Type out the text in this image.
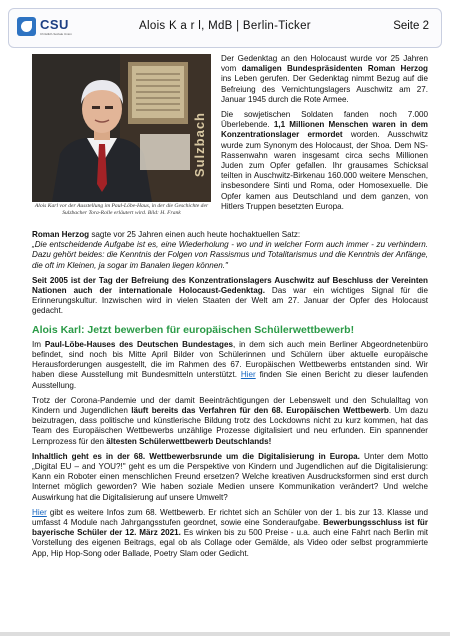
CSU
Christlich-Soziale Union
Alois K a r l, MdB | Berlin-Ticker	Seite 2
Sulzbach
Alois Karl vor der Ausstellung im Paul-Löbe-Haus, in der die Geschichte der Sulzbacher Tora-Rolle erläutert wird. Bild: H. Frank

Der Gedenktag an den Holocaust wurde vor 25 Jahren vom damaligen Bundespräsidenten Roman Herzog ins Leben gerufen. Der Gedenktag nimmt Bezug auf die Befreiung des Vernichtungslagers Auschwitz am 27. Januar 1945 durch die Rote Armee.

Die sowjetischen Soldaten fanden noch 7.000 Überlebende. 1,1 Millionen Menschen waren in dem Konzentrationslager ermordet worden. Ausschwitz wurde zum Synonym des Holocaust, der Shoa. Dem NS-Rassenwahn waren insgesamt circa sechs Millionen Juden zum Opfer gefallen. Ihr grausames Schicksal teilten in Auschwitz-Birkenau 160.000 weitere Menschen, insbesondere Sinti und Roma, oder Homosexuelle. Die Opfer kamen aus Deutschland und dem ganzen, von Hitlers Truppen besetzten Europa.

Roman Herzog sagte vor 25 Jahren einen auch heute hochaktuellen Satz:
„Die entscheidende Aufgabe ist es, eine Wiederholung - wo und in welcher Form auch immer - zu verhindern. Dazu gehört beides: die Kenntnis der Folgen von Rassismus und Totalitarismus und die Kenntnis der Anfänge, die oft im Kleinen, ja sogar im Banalen liegen können."

Seit 2005 ist der Tag der Befreiung des Konzentrationslagers Auschwitz auf Beschluss der Vereinten Nationen auch der internationale Holocaust-Gedenktag. Das war ein wichtiges Signal für die Erinnerungskultur. Inzwischen wird in vielen Staaten der Welt am 27. Januar der Opfer des Holocaust gedacht.

Alois Karl: Jetzt bewerben für europäischen Schülerwettbewerb!

Im Paul-Löbe-Hauses des Deutschen Bundestages, in dem sich auch mein Berliner Abgeordnetenbüro befindet, sind noch bis Mitte April Bilder von Schülerinnen und Schülern über aktuelle europäische Herausforderungen ausgestellt, die im Rahmen des 67. Europäischen Wettbewerbs entstanden sind. Wir haben diese Ausstellung mit Bundesmitteln unterstützt. Hier finden Sie einen Bericht zu dieser laufenden Ausstellung.

Trotz der Corona-Pandemie und der damit Beeinträchtigungen der Lebenswelt und den Schulalltag von Kindern und Jugendlichen läuft bereits das Verfahren für den 68. Europäischen Wettbewerb. Um dazu beizutragen, dass politische und künstlerische Bildung trotz des Lockdowns nicht zu kurz kommen, hat das Team des Europäischen Wettbewerbs unzählige Prozesse digitalisiert und neu erfunden. Ein spannender Lernprozess für den ältesten Schülerwettbewerb Deutschlands!

Inhaltlich geht es in der 68. Wettbewerbsrunde um die Digitalisierung in Europa. Unter dem Motto „Digital EU – and YOU?!" geht es um die Perspektive von Kindern und Jugendlichen auf die Digitalisierung: Kann ein Roboter einen menschlichen Freund ersetzen? Welche kreativen Ausdrucksformen sind erst durch Internet möglich geworden? Wie haben soziale Medien unsere Kommunikation verändert? Und welche Auswirkung hat die Digitalisierung auf unsere Umwelt?

Hier gibt es weitere Infos zum 68. Wettbewerb. Er richtet sich an Schüler von der 1. bis zur 13. Klasse und umfasst 4 Module nach Jahrgangsstufen geordnet, sowie eine Sonderaufgabe. Bewerbungsschluss ist für bayerische Schüler der 12. März 2021. Es winken bis zu 500 Preise - u.a. auch eine Fahrt nach Berlin mit Vorstellung des eigenen Beitrags, egal ob als Collage oder Gemälde, als Video oder selbst programmierte App, Hip Hop-Song oder Ballade, Poetry Slam oder Gedicht.
